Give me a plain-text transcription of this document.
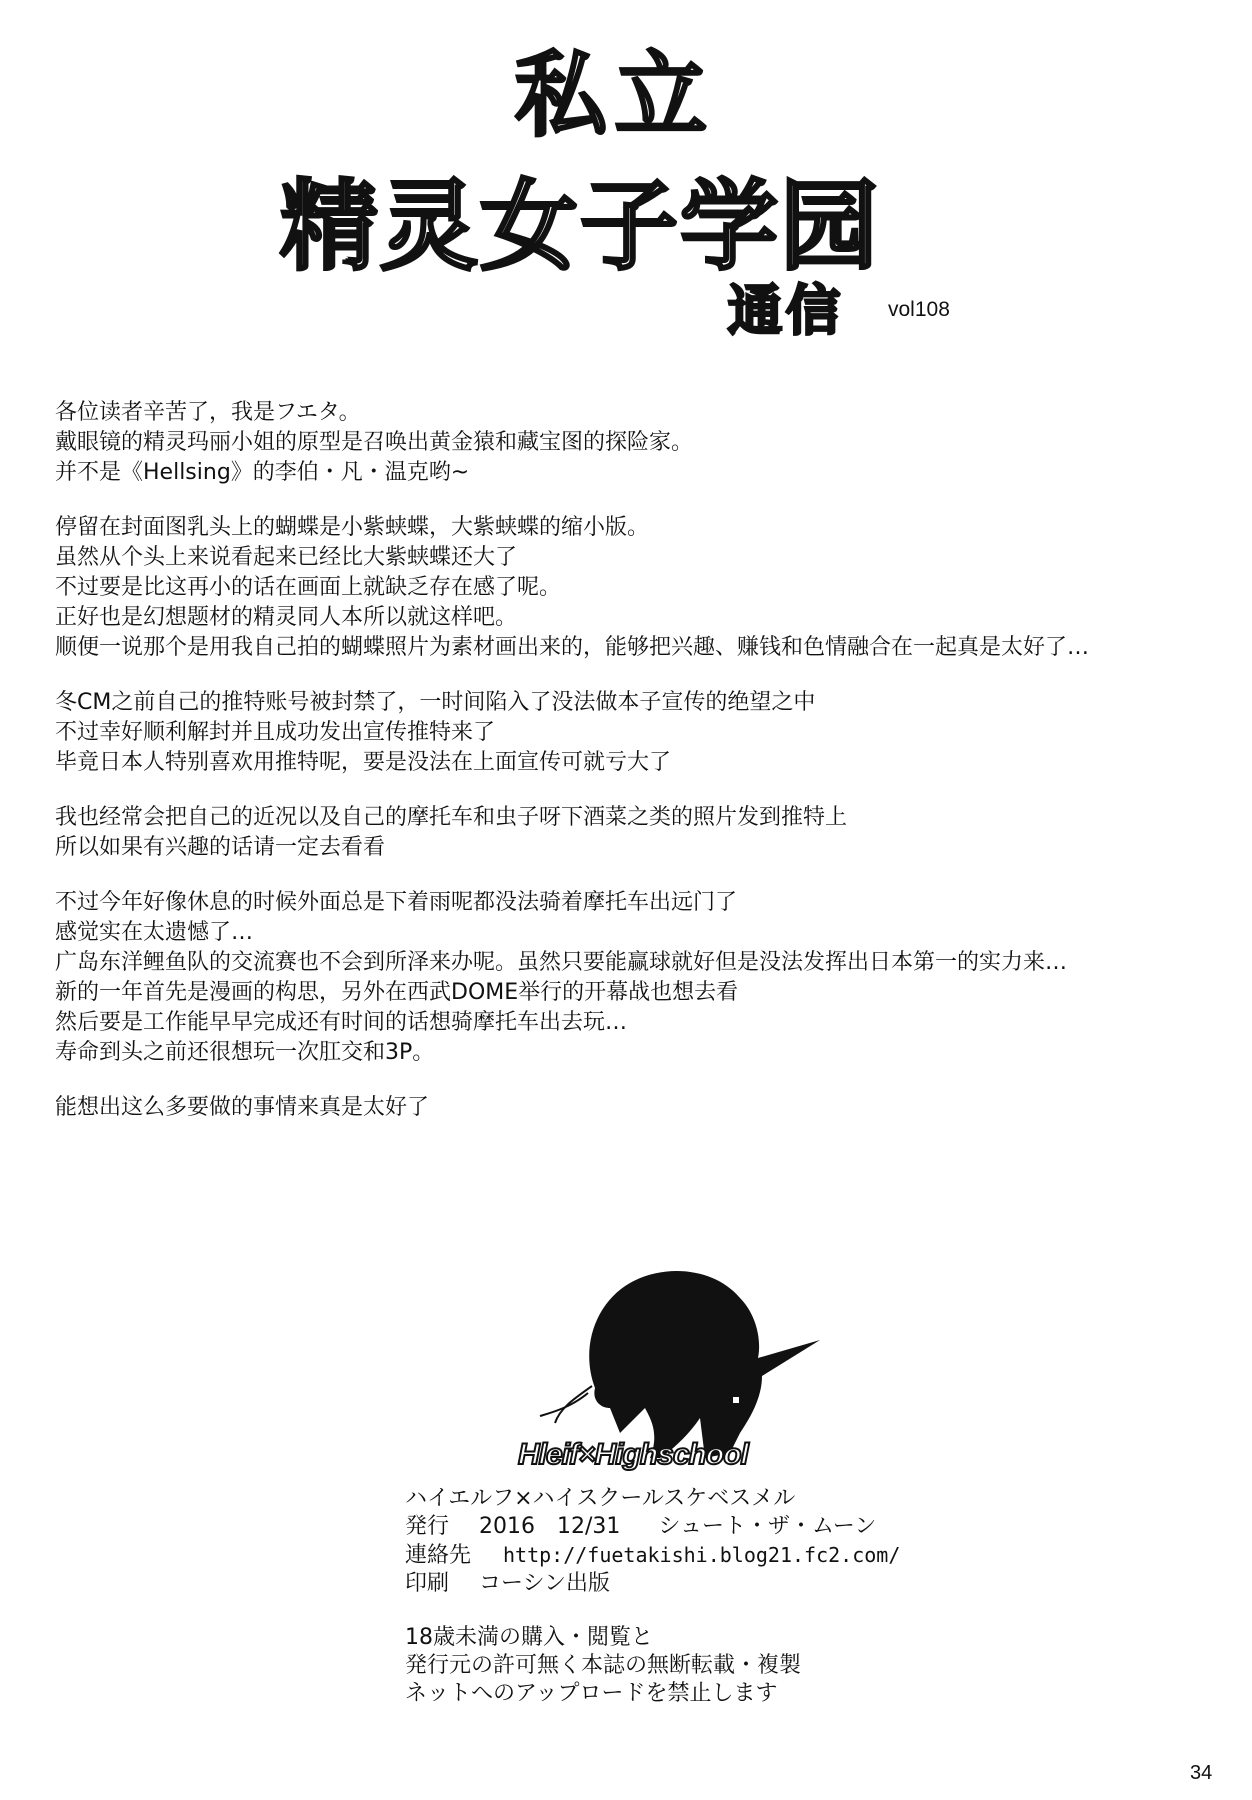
私立
精灵女子学园
通信 vol108
各位读者辛苦了，我是フエタ。
戴眼镜的精灵玛丽小姐的原型是召唤出黄金猿和藏宝图的探险家。
并不是《Hellsing》的李伯・凡・温克哟~
停留在封面图乳头上的蝴蝶是小紫蛱蝶，大紫蛱蝶的缩小版。
虽然从个头上来说看起来已经比大紫蛱蝶还大了
不过要是比这再小的话在画面上就缺乏存在感了呢。
正好也是幻想题材的精灵同人本所以就这样吧。
顺便一说那个是用我自己拍的蝴蝶照片为素材画出来的，能够把兴趣、赚钱和色情融合在一起真是太好了…
冬CM之前自己的推特账号被封禁了，一时间陷入了没法做本子宣传的绝望之中
不过幸好顺利解封并且成功发出宣传推特来了
毕竟日本人特别喜欢用推特呢，要是没法在上面宣传可就亏大了
我也经常会把自己的近况以及自己的摩托车和虫子呀下酒菜之类的照片发到推特上
所以如果有兴趣的话请一定去看看
不过今年好像休息的时候外面总是下着雨呢都没法骑着摩托车出远门了
感觉实在太遗憾了…
广岛东洋鲤鱼队的交流赛也不会到所泽来办呢。虽然只要能赢球就好但是没法发挥出日本第一的实力来…
新的一年首先是漫画的构思，另外在西武DOME举行的开幕战也想去看
然后要是工作能早早完成还有时间的话想骑摩托车出去玩…
寿命到头之前还很想玩一次肛交和3P。
能想出这么多要做的事情来真是太好了
Hleif×Highschool
ハイエルフ×ハイスクールスケベスメル
発行 2016　12/31 シュート・ザ・ムーン
連絡先 http://fuetakishi.blog21.fc2.com/
印刷 コーシン出版
18歳未満の購入・閲覧と
発行元の許可無く本誌の無断転載・複製
ネットへのアップロードを禁止します
34
